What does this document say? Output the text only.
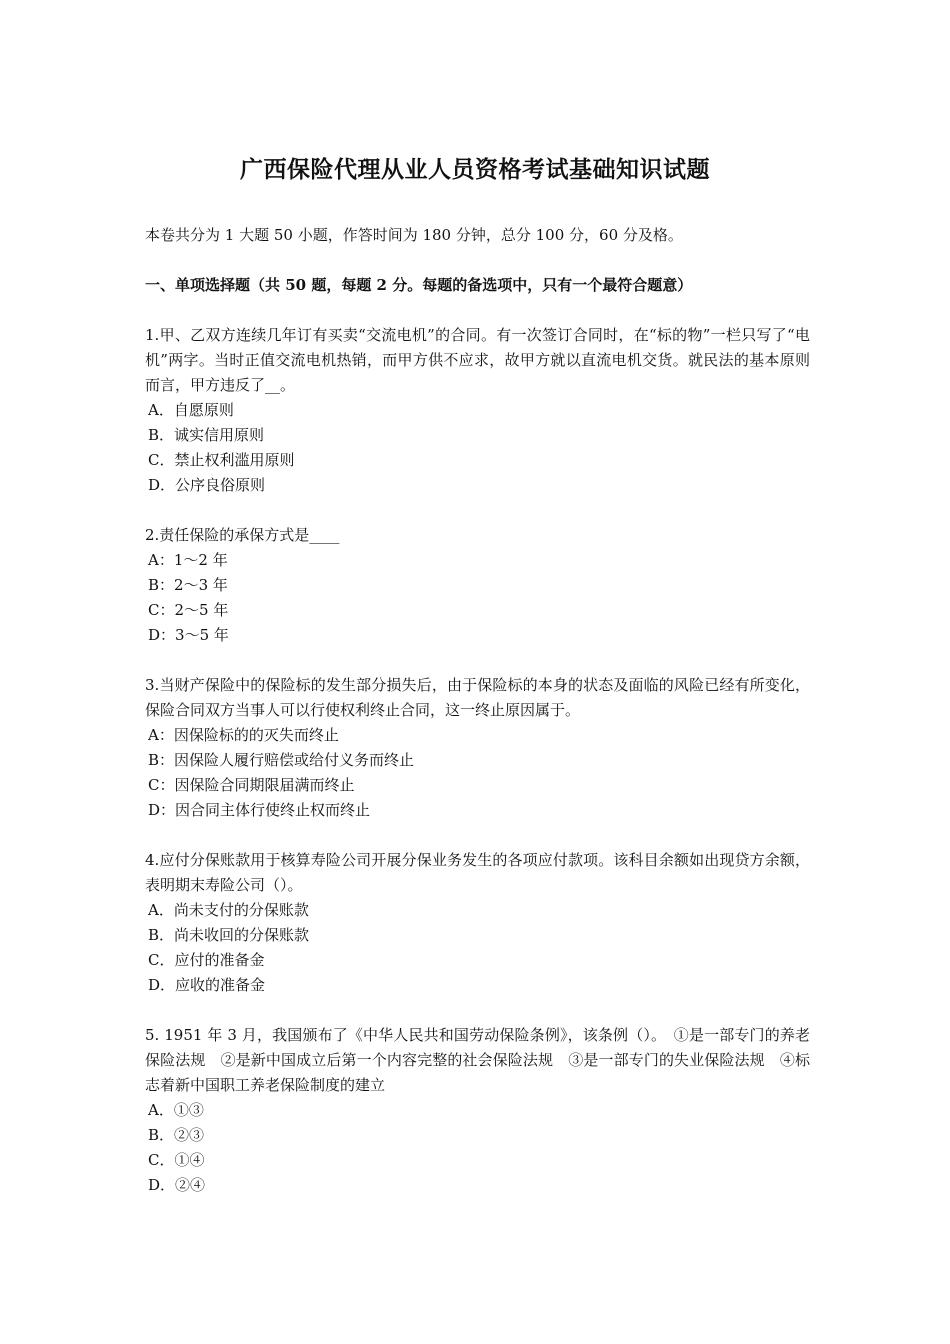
广西保险代理从业人员资格考试基础知识试题

本卷共分为 1 大题 50 小题，作答时间为 180 分钟，总分 100 分，60 分及格。

一、单项选择题（共 50 题，每题 2 分。每题的备选项中，只有一个最符合题意）

1.甲、乙双方连续几年订有买卖“交流电机”的合同。有一次签订合同时，在“标的物”一栏只写了“电机”两字。当时正值交流电机热销，而甲方供不应求，故甲方就以直流电机交货。就民法的基本原则而言，甲方违反了__。

A．自愿原则
B．诚实信用原则
C．禁止权利滥用原则
D．公序良俗原则

2.责任保险的承保方式是____

A：1～2 年
B：2～3 年
C：2～5 年
D：3～5 年

3.当财产保险中的保险标的发生部分损失后，由于保险标的本身的状态及面临的风险已经有所变化，保险合同双方当事人可以行使权利终止合同，这一终止原因属于。

A：因保险标的的灭失而终止
B：因保险人履行赔偿或给付义务而终止
C：因保险合同期限届满而终止
D：因合同主体行使终止权而终止

4.应付分保账款用于核算寿险公司开展分保业务发生的各项应付款项。该科目余额如出现贷方余额，表明期末寿险公司（）。

A．尚未支付的分保账款
B．尚未收回的分保账款
C．应付的准备金
D．应收的准备金

5. 1951 年 3 月，我国颁布了《中华人民共和国劳动保险条例》，该条例（）。　①是一部专门的养老保险法规　②是新中国成立后第一个内容完整的社会保险法规　③是一部专门的失业保险法规　④标志着新中国职工养老保险制度的建立

A．①③
B．②③
C．①④
D．②④
